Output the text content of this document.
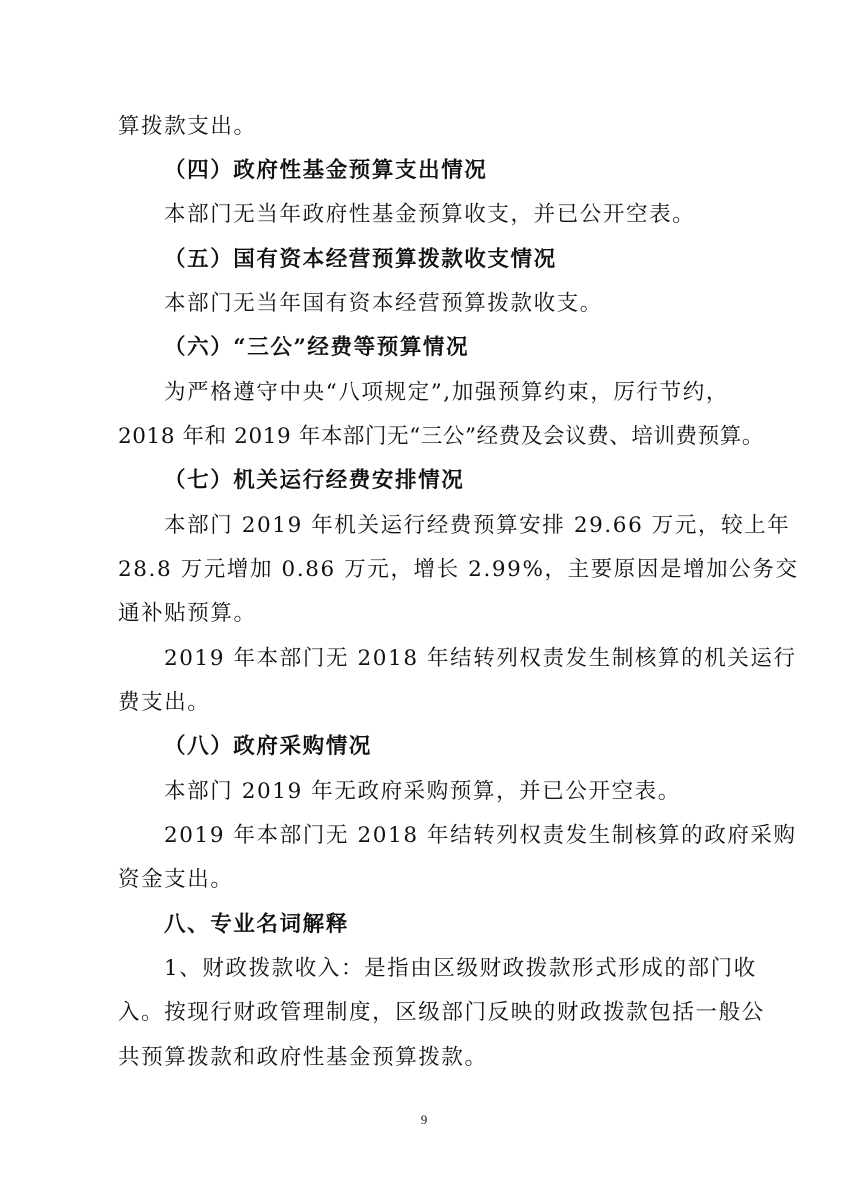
算拨款支出。
（四）政府性基金预算支出情况
本部门无当年政府性基金预算收支，并已公开空表。
（五）国有资本经营预算拨款收支情况
本部门无当年国有资本经营预算拨款收支。
（六）“三公”经费等预算情况
为严格遵守中央“八项规定”,加强预算约束，厉行节约，
2018 年和 2019 年本部门无“三公”经费及会议费、培训费预算。
（七）机关运行经费安排情况
本部门 2019 年机关运行经费预算安排 29.66 万元，较上年
28.8 万元增加 0.86 万元，增长 2.99%，主要原因是增加公务交
通补贴预算。
2019 年本部门无 2018 年结转列权责发生制核算的机关运行
费支出。
（八）政府采购情况
本部门 2019 年无政府采购预算，并已公开空表。
2019 年本部门无 2018 年结转列权责发生制核算的政府采购
资金支出。
八、专业名词解释
1、财政拨款收入：是指由区级财政拨款形式形成的部门收
入。按现行财政管理制度，区级部门反映的财政拨款包括一般公
共预算拨款和政府性基金预算拨款。
9
